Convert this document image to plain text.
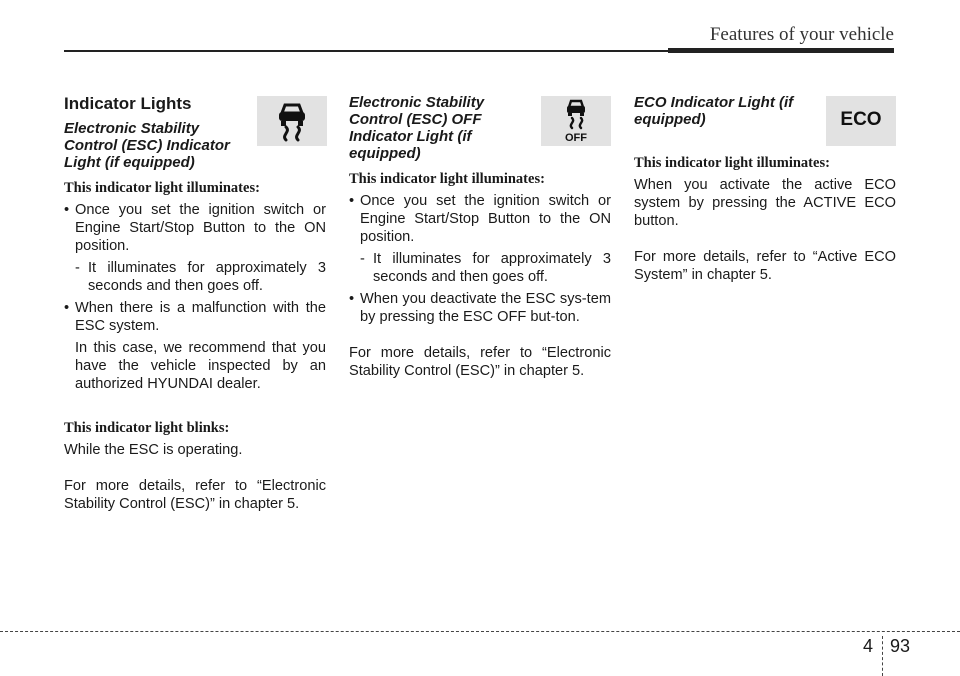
Features of your vehicle
Indicator Lights
Electronic Stability Control (ESC) Indicator Light (if equipped)
This indicator light illuminates:
• Once you set the ignition switch or Engine Start/Stop Button to the ON position.
- It illuminates for approximately 3 seconds and then goes off.
• When there is a malfunction with the ESC system.
In this case, we recommend that you have the vehicle inspected by an authorized HYUNDAI dealer.
This indicator light blinks:

While the ESC is operating.

For more details, refer to “Electronic Stability Control (ESC)” in chapter 5.

Electronic Stability Control (ESC) OFF Indicator Light (if equipped)
This indicator light illuminates:
• Once you set the ignition switch or Engine Start/Stop Button to the ON position.
- It illuminates for approximately 3 seconds and then goes off.
• When you deactivate the ESC sys-tem by pressing the ESC OFF but-ton.

For more details, refer to “Electronic Stability Control (ESC)” in chapter 5.

OFF
ECO Indicator Light (if equipped)
This indicator light illuminates:

When you activate the active ECO system by pressing the ACTIVE ECO button.

For more details, refer to “Active ECO System” in chapter 5.

ECO
4 93
